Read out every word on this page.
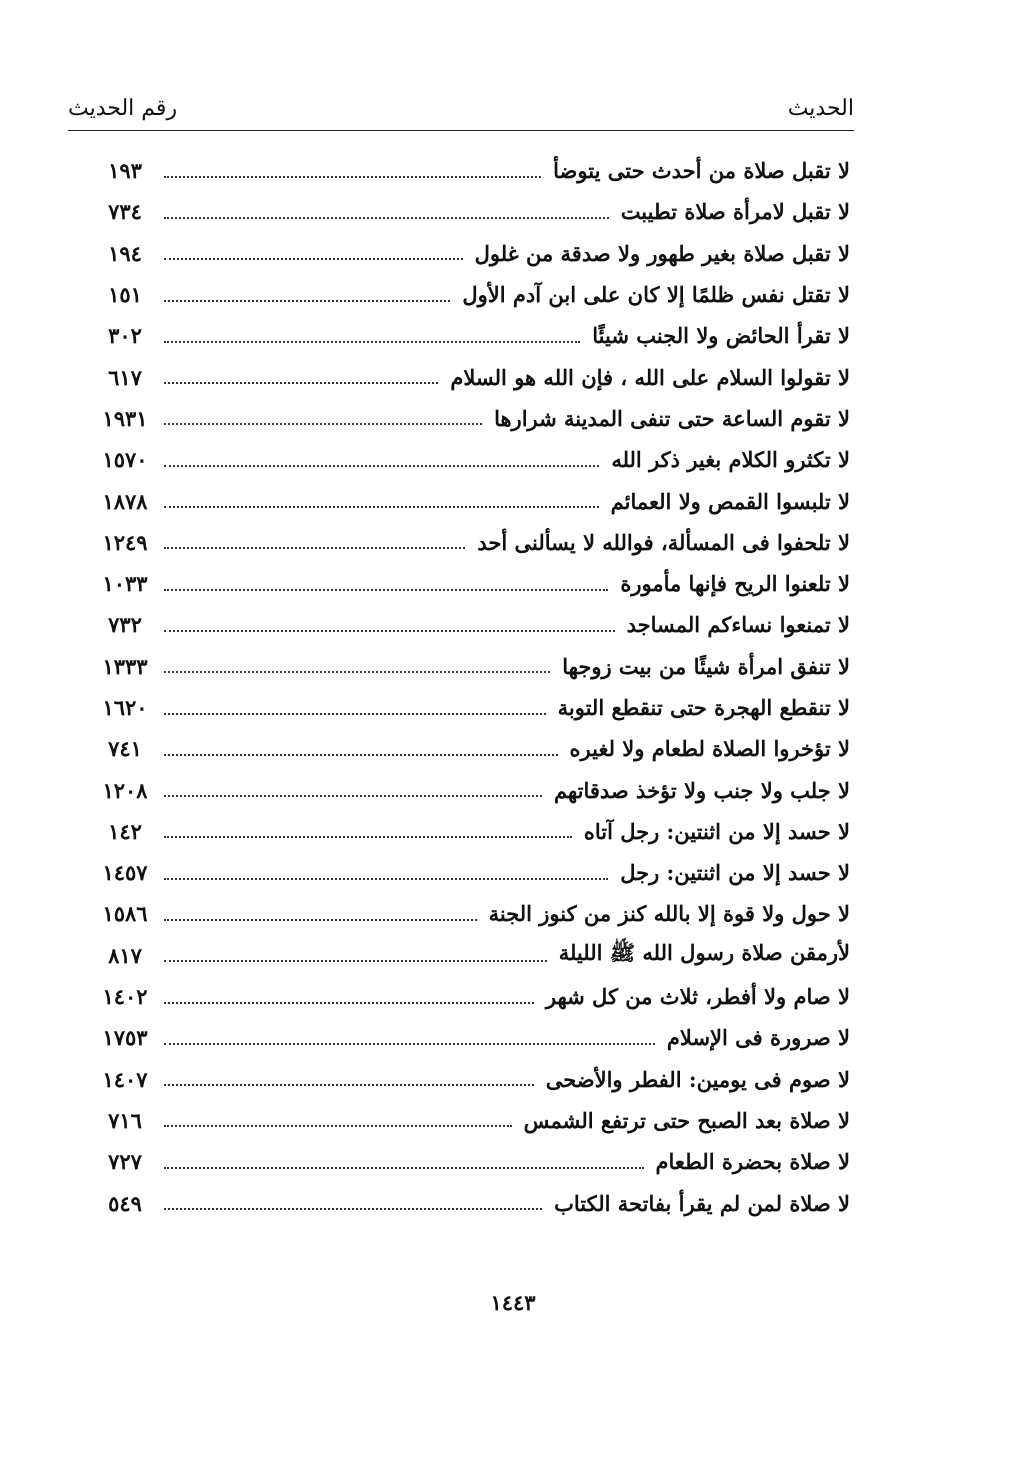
الحديث
رقم الحديث
لا تقبل صلاة من أحدث حتى يتوضأ
١٩٣
لا تقبل لامرأة صلاة تطيبت
٧٣٤
لا تقبل صلاة بغير طهور ولا صدقة من غلول
١٩٤
لا تقتل نفس ظلمًا إلا كان على ابن آدم الأول
١٥١
لا تقرأ الحائض ولا الجنب شيئًا
٣٠٢
لا تقولوا السلام على الله ، فإن الله هو السلام
٦١٧
لا تقوم الساعة حتى تنفى المدينة شرارها
١٩٣١
لا تكثرو الكلام بغير ذكر الله
١٥٧٠
لا تلبسوا القمص ولا العمائم
١٨٧٨
لا تلحفوا فى المسألة، فوالله لا يسألنى أحد
١٢٤٩
لا تلعنوا الريح فإنها مأمورة
١٠٣٣
لا تمنعوا نساءكم المساجد
٧٣٢
لا تنفق امرأة شيئًا من بيت زوجها
١٣٣٣
لا تنقطع الهجرة حتى تنقطع التوبة
١٦٢٠
لا تؤخروا الصلاة لطعام ولا لغيره
٧٤١
لا جلب ولا جنب ولا تؤخذ صدقاتهم
١٢٠٨
لا حسد إلا من اثنتين: رجل آتاه
١٤٢
لا حسد إلا من اثنتين: رجل
١٤٥٧
لا حول ولا قوة إلا بالله كنز من كنوز الجنة
١٥٨٦
لأرمقن صلاة رسول الله ﷺ الليلة
٨١٧
لا صام ولا أفطر، ثلاث من كل شهر
١٤٠٢
لا صرورة فى الإسلام
١٧٥٣
لا صوم فى يومين: الفطر والأضحى
١٤٠٧
لا صلاة بعد الصبح حتى ترتفع الشمس
٧١٦
لا صلاة بحضرة الطعام
٧٢٧
لا صلاة لمن لم يقرأ بفاتحة الكتاب
٥٤٩
١٤٤٣
